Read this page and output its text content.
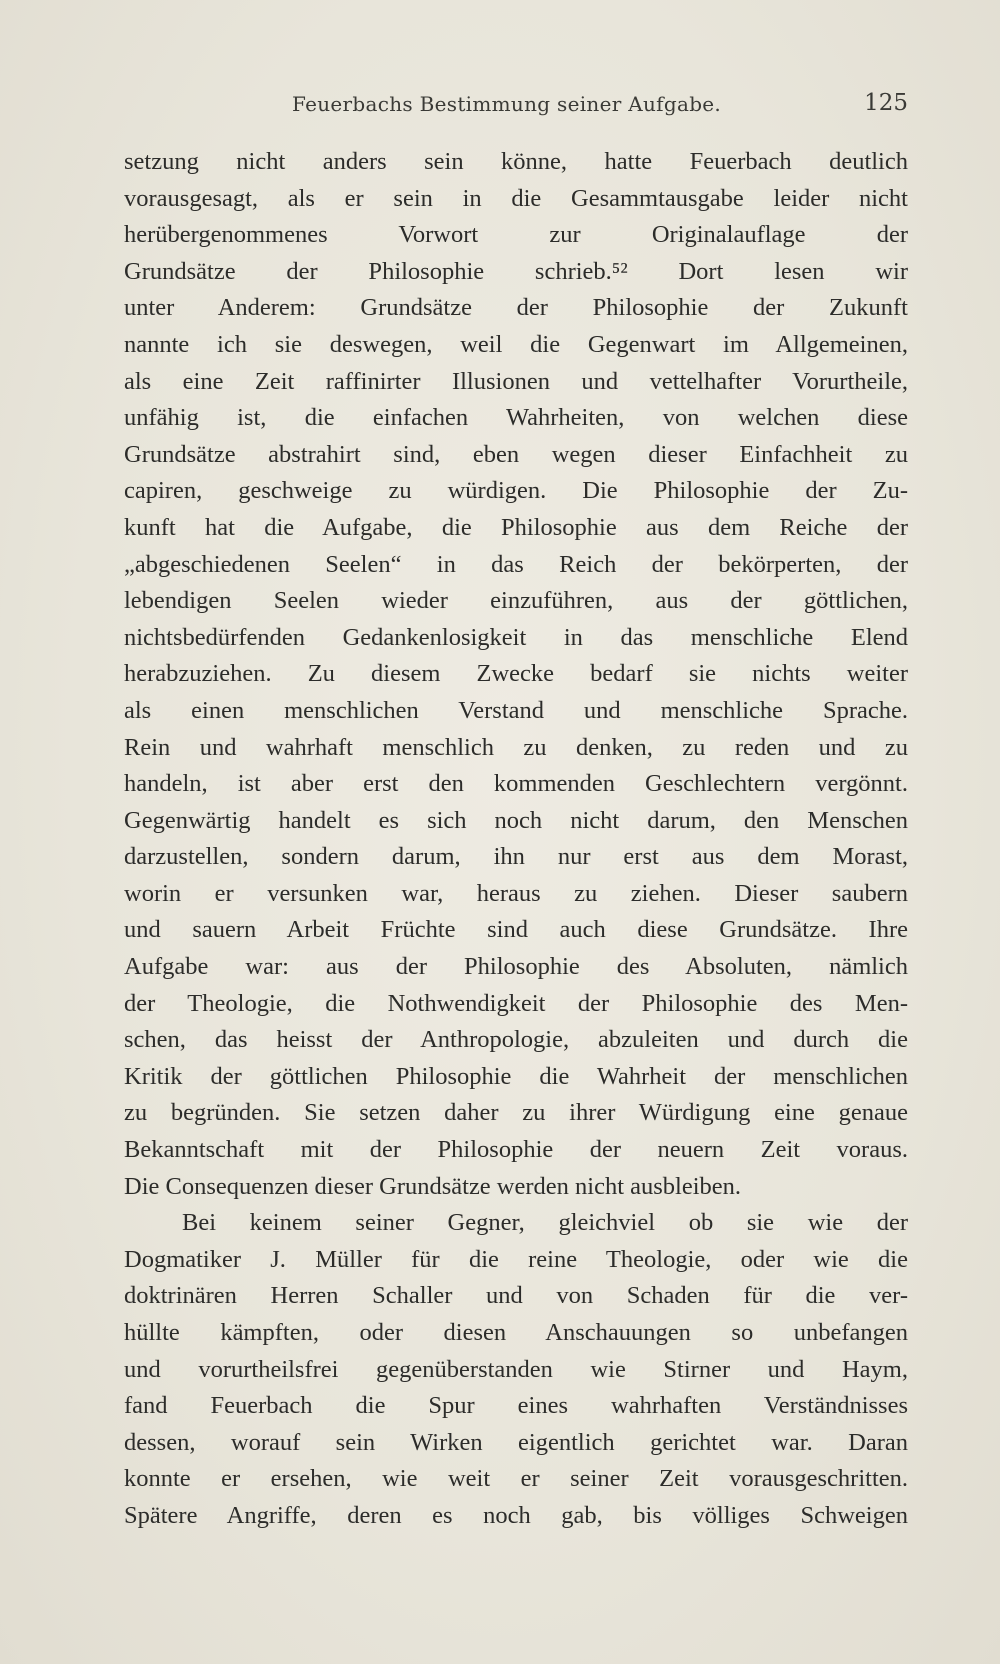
Feuerbachs Bestimmung seiner Aufgabe.	125
setzung nicht anders sein könne, hatte Feuerbach deutlich
vorausgesagt, als er sein in die Gesammtausgabe leider nicht
herübergenommenes Vorwort zur Originalauflage der
Grundsätze der Philosophie schrieb.⁵² Dort lesen wir
unter Anderem: Grundsätze der Philosophie der Zukunft
nannte ich sie deswegen, weil die Gegenwart im Allgemeinen,
als eine Zeit raffinirter Illusionen und vettelhafter Vorurtheile,
unfähig ist, die einfachen Wahrheiten, von welchen diese
Grundsätze abstrahirt sind, eben wegen dieser Einfachheit zu
capiren, geschweige zu würdigen. Die Philosophie der Zu-
kunft hat die Aufgabe, die Philosophie aus dem Reiche der
„abgeschiedenen Seelen“ in das Reich der bekörperten, der
lebendigen Seelen wieder einzuführen, aus der göttlichen,
nichtsbedürfenden Gedankenlosigkeit in das menschliche Elend
herabzuziehen. Zu diesem Zwecke bedarf sie nichts weiter
als einen menschlichen Verstand und menschliche Sprache.
Rein und wahrhaft menschlich zu denken, zu reden und zu
handeln, ist aber erst den kommenden Geschlechtern vergönnt.
Gegenwärtig handelt es sich noch nicht darum, den Menschen
darzustellen, sondern darum, ihn nur erst aus dem Morast,
worin er versunken war, heraus zu ziehen. Dieser saubern
und sauern Arbeit Früchte sind auch diese Grundsätze. Ihre
Aufgabe war: aus der Philosophie des Absoluten, nämlich
der Theologie, die Nothwendigkeit der Philosophie des Men-
schen, das heisst der Anthropologie, abzuleiten und durch die
Kritik der göttlichen Philosophie die Wahrheit der menschlichen
zu begründen. Sie setzen daher zu ihrer Würdigung eine genaue
Bekanntschaft mit der Philosophie der neuern Zeit voraus.
Die Consequenzen dieser Grundsätze werden nicht ausbleiben.
Bei keinem seiner Gegner, gleichviel ob sie wie der
Dogmatiker J. Müller für die reine Theologie, oder wie die
doktrinären Herren Schaller und von Schaden für die ver-
hüllte kämpften, oder diesen Anschauungen so unbefangen
und vorurtheilsfrei gegenüberstanden wie Stirner und Haym,
fand Feuerbach die Spur eines wahrhaften Verständnisses
dessen, worauf sein Wirken eigentlich gerichtet war. Daran
konnte er ersehen, wie weit er seiner Zeit vorausgeschritten.
Spätere Angriffe, deren es noch gab, bis völliges Schweigen
